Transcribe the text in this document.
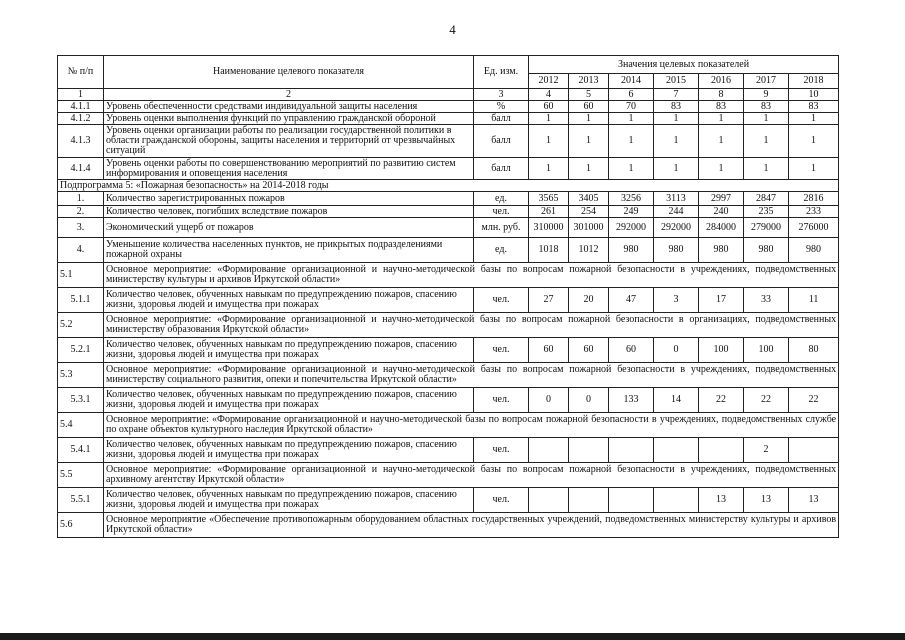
4
№ п/п	Наименование целевого показателя	Ед. изм.	Значения целевых показателей						
			2012	2013	2014	2015	2016	2017	2018
1	2	3	4	5	6	7	8	9	10
4.1.1	Уровень обеспеченности средствами индивидуальной защиты населения	%	60	60	70	83	83	83	83
4.1.2	Уровень оценки выполнения функций по управлению гражданской обороной	балл	1	1	1	1	1	1	1
4.1.3	Уровень оценки организации работы по реализации государственной политики в области гражданской обороны, защиты населения и территорий от чрезвычайных ситуаций	балл	1	1	1	1	1	1	1
4.1.4	Уровень оценки работы по совершенствованию мероприятий по развитию систем информирования и оповещения населения	балл	1	1	1	1	1	1	1
Подпрограмма 5: «Пожарная безопасность» на 2014-2018 годы									
1.	Количество зарегистрированных пожаров	ед.	3565	3405	3256	3113	2997	2847	2816
2.	Количество человек, погибших вследствие пожаров	чел.	261	254	249	244	240	235	233
3.	Экономический ущерб от пожаров	млн. руб.	310000	301000	292000	292000	284000	279000	276000
4.	Уменьшение количества населенных пунктов, не прикрытых подразделениями пожарной охраны	ед.	1018	1012	980	980	980	980	980
5.1	Основное мероприятие: «Формирование организационной и научно-методической базы по вопросам пожарной безопасности в учреждениях, подведомственных министерству культуры и архивов Иркутской области»								
5.1.1	Количество человек, обученных навыкам по предупреждению пожаров, спасению жизни, здоровья людей и имущества при пожарах	чел.	27	20	47	3	17	33	11
5.2	Основное мероприятие: «Формирование организационной и научно-методической базы по вопросам пожарной безопасности в организациях, подведомственных министерству образования Иркутской области»								
5.2.1	Количество человек, обученных навыкам по предупреждению пожаров, спасению жизни, здоровья людей и имущества при пожарах	чел.	60	60	60	0	100	100	80
5.3	Основное мероприятие: «Формирование организационной и научно-методической базы по вопросам пожарной безопасности в учреждениях, подведомственных министерству социального развития, опеки и попечительства Иркутской области»								
5.3.1	Количество человек, обученных навыкам по предупреждению пожаров, спасению жизни, здоровья людей и имущества при пожарах	чел.	0	0	133	14	22	22	22
5.4	Основное мероприятие: «Формирование организационной и научно-методической базы по вопросам пожарной безопасности в учреждениях, подведомственных службе по охране объектов культурного наследия Иркутской области»								
5.4.1	Количество человек, обученных навыкам по предупреждению пожаров, спасению жизни, здоровья людей и имущества при пожарах	чел.						2	
5.5	Основное мероприятие: «Формирование организационной и научно-методической базы по вопросам пожарной безопасности в учреждениях, подведомственных архивному агентству Иркутской области»								
5.5.1	Количество человек, обученных навыкам по предупреждению пожаров, спасению жизни, здоровья людей и имущества при пожарах	чел.					13	13	13
5.6	Основное мероприятие «Обеспечение противопожарным оборудованием областных государственных учреждений, подведомственных министерству культуры и архивов Иркутской области»								
